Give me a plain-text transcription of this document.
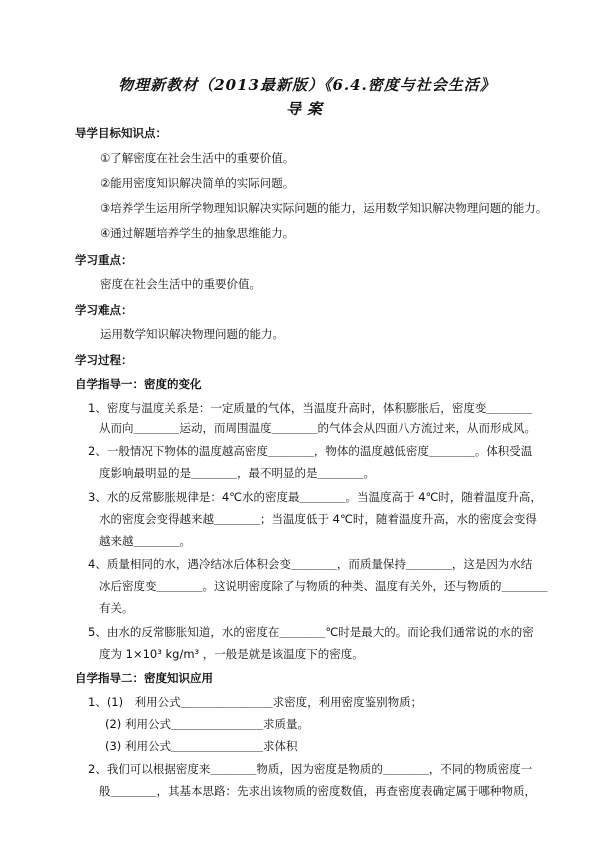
物理新教材（2013最新版）《6.4.密度与社会生活》
导案
导学目标知识点：
①了解密度在社会生活中的重要价值。
②能用密度知识解决简单的实际问题。
③培养学生运用所学物理知识解决实际问题的能力，运用数学知识解决物理问题的能力。
④通过解题培养学生的抽象思维能力。
学习重点：
密度在社会生活中的重要价值。
学习难点：
运用数学知识解决物理问题的能力。
学习过程：
自学指导一：密度的变化
1、密度与温度关系是：一定质量的气体，当温度升高时，体积膨胀后，密度变＿＿＿＿
从而向＿＿＿＿运动，而周围温度＿＿＿＿的气体会从四面八方流过来，从而形成风。
2、一般情况下物体的温度越高密度＿＿＿＿，物体的温度越低密度＿＿＿＿。体积受温
度影响最明显的是＿＿＿＿，最不明显的是＿＿＿＿。
3、水的反常膨胀规律是：4℃水的密度最＿＿＿＿。当温度高于 4℃时，随着温度升高，
水的密度会变得越来越＿＿＿＿；当温度低于 4℃时，随着温度升高，水的密度会变得
越来越＿＿＿＿。
4、质量相同的水，遇冷结冰后体积会变＿＿＿＿，而质量保持＿＿＿＿，这是因为水结
冰后密度变＿＿＿＿。这说明密度除了与物质的种类、温度有关外，还与物质的＿＿＿＿
有关。
5、由水的反常膨胀知道，水的密度在＿＿＿＿℃时是最大的。而论我们通常说的水的密
度为 1×10³ kg/m³ ，一般是就是该温度下的密度。
自学指导二：密度知识应用
1、(1)　利用公式＿＿＿＿＿＿＿＿求密度，利用密度鉴别物质；
(2) 利用公式＿＿＿＿＿＿＿＿求质量。
(3) 利用公式＿＿＿＿＿＿＿＿求体积
2、我们可以根据密度来＿＿＿＿物质，因为密度是物质的＿＿＿＿，不同的物质密度一
般＿＿＿＿，其基本思路：先求出该物质的密度数值，再查密度表确定属于哪种物质，
